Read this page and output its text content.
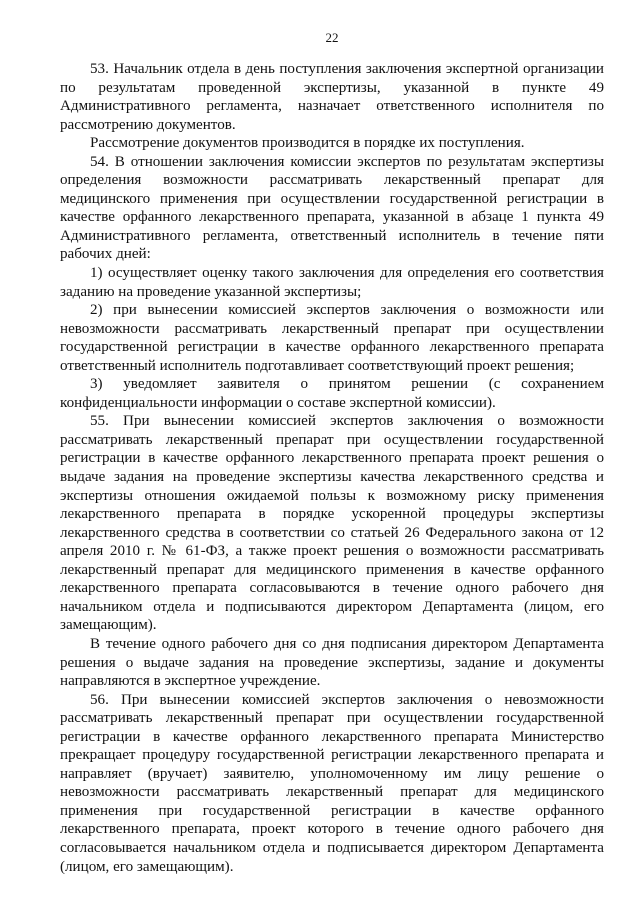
22

53. Начальник отдела в день поступления заключения экспертной организации по результатам проведенной экспертизы, указанной в пункте 49 Административного регламента, назначает ответственного исполнителя по рассмотрению документов.

Рассмотрение документов производится в порядке их поступления.

54. В отношении заключения комиссии экспертов по результатам экспертизы определения возможности рассматривать лекарственный препарат для медицинского применения при осуществлении государственной регистрации в качестве орфанного лекарственного препарата, указанной в абзаце 1 пункта 49 Административного регламента, ответственный исполнитель в течение пяти рабочих дней:

1) осуществляет оценку такого заключения для определения его соответствия заданию на проведение указанной экспертизы;

2) при вынесении комиссией экспертов заключения о возможности или невозможности рассматривать лекарственный препарат при осуществлении государственной регистрации в качестве орфанного лекарственного препарата ответственный исполнитель подготавливает соответствующий проект решения;

3) уведомляет заявителя о принятом решении (с сохранением конфиденциальности информации о составе экспертной комиссии).

55. При вынесении комиссией экспертов заключения о возможности рассматривать лекарственный препарат при осуществлении государственной регистрации в качестве орфанного лекарственного препарата проект решения о выдаче задания на проведение экспертизы качества лекарственного средства и экспертизы отношения ожидаемой пользы к возможному риску применения лекарственного препарата в порядке ускоренной процедуры экспертизы лекарственного средства в соответствии со статьей 26 Федерального закона от 12 апреля 2010 г. № 61-ФЗ, а также проект решения о возможности рассматривать лекарственный препарат для медицинского применения в качестве орфанного лекарственного препарата согласовываются в течение одного рабочего дня начальником отдела и подписываются директором Департамента (лицом, его замещающим).

В течение одного рабочего дня со дня подписания директором Департамента решения о выдаче задания на проведение экспертизы, задание и документы направляются в экспертное учреждение.

56. При вынесении комиссией экспертов заключения о невозможности рассматривать лекарственный препарат при осуществлении государственной регистрации в качестве орфанного лекарственного препарата Министерство прекращает процедуру государственной регистрации лекарственного препарата и направляет (вручает) заявителю, уполномоченному им лицу решение о невозможности рассматривать лекарственный препарат для медицинского применения при государственной регистрации в качестве орфанного лекарственного препарата, проект которого в течение одного рабочего дня согласовывается начальником отдела и подписывается директором Департамента (лицом, его замещающим).
